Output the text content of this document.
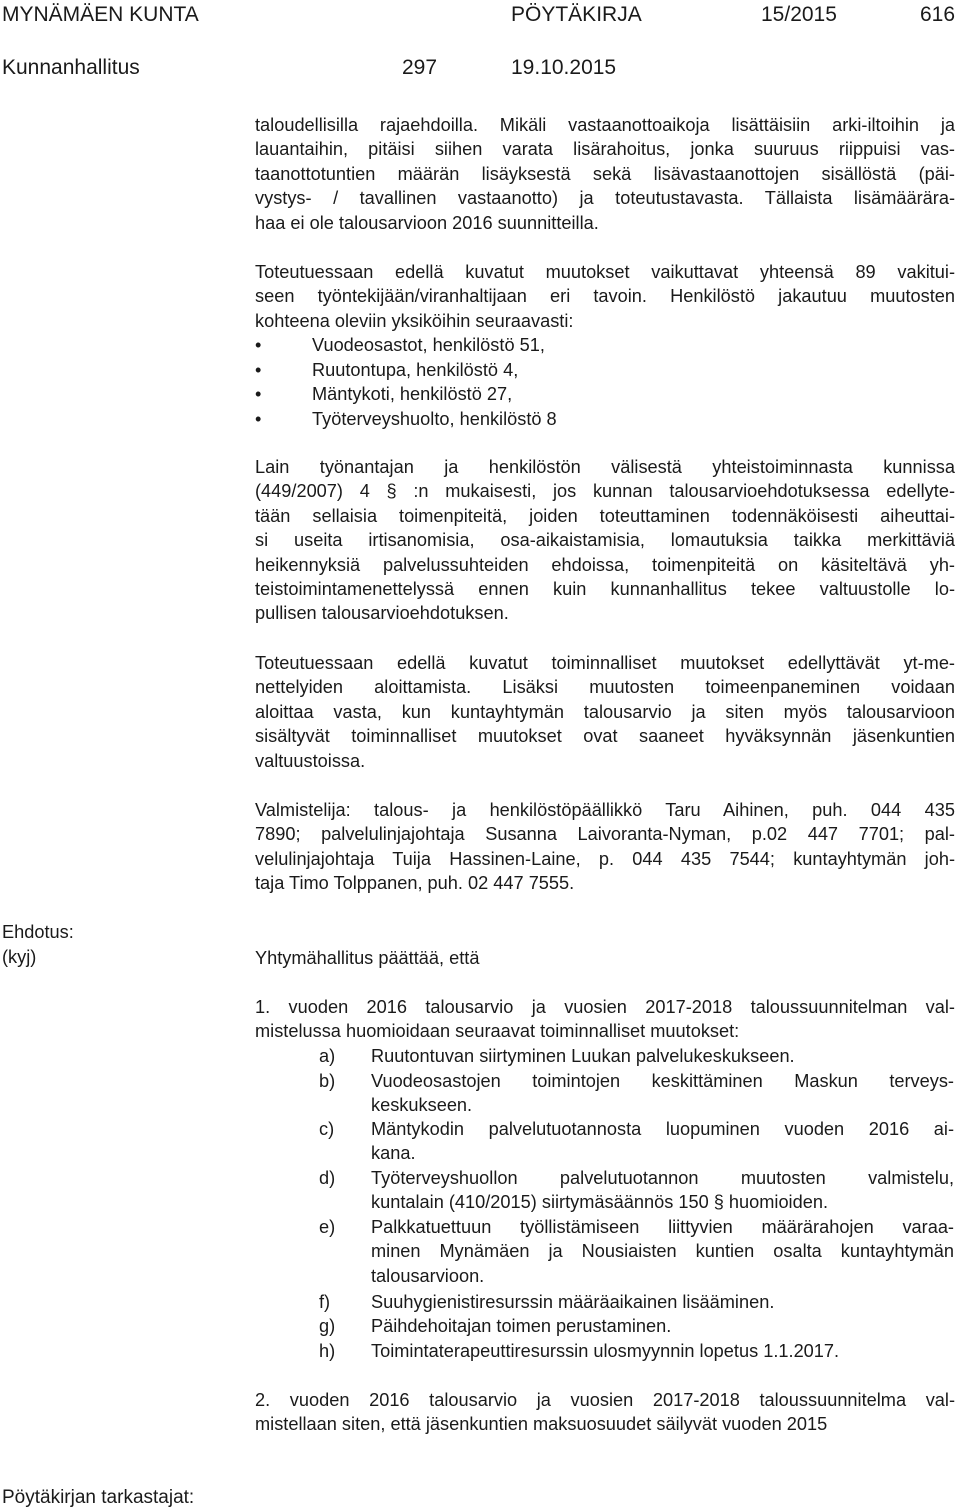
MYNÄMÄEN KUNTA	PÖYTÄKIRJA	15/2015	616
Kunnanhallitus	297	19.10.2015
taloudellisilla rajaehdoilla. Mikäli vastaanottoaikoja lisättäisiin arki-iltoihin ja
lauantaihin, pitäisi siihen varata lisärahoitus, jonka suuruus riippuisi vas-
taanottotuntien määrän lisäyksestä sekä lisävastaanottojen sisällöstä (päi-
vystys- / tavallinen vastaanotto) ja toteutustavasta. Tällaista lisämäärära-
haa ei ole talousarvioon 2016 suunnitteilla.
Toteutuessaan edellä kuvatut muutokset vaikuttavat yhteensä 89 vakitui-
seen työntekijään/viranhaltijaan eri tavoin. Henkilöstö jakautuu muutosten
kohteena oleviin yksiköihin seuraavasti:
•
Vuodeosastot, henkilöstö 51,
•
Ruutontupa, henkilöstö 4,
•
Mäntykoti, henkilöstö 27,
•
Työterveyshuolto, henkilöstö 8
Lain työnantajan ja henkilöstön välisestä yhteistoiminnasta kunnissa
(449/2007) 4 § :n mukaisesti, jos kunnan talousarvioehdotuksessa edellyte-
tään sellaisia toimenpiteitä, joiden toteuttaminen todennäköisesti aiheuttai-
si useita irtisanomisia, osa-aikaistamisia, lomautuksia taikka merkittäviä
heikennyksiä palvelussuhteiden ehdoissa, toimenpiteitä on käsiteltävä yh-
teistoimintamenettelyssä ennen kuin kunnanhallitus tekee valtuustolle lo-
pullisen talousarvioehdotuksen.
Toteutuessaan edellä kuvatut toiminnalliset muutokset edellyttävät yt-me-
nettelyiden aloittamista. Lisäksi muutosten toimeenpaneminen voidaan
aloittaa vasta, kun kuntayhtymän talousarvio ja siten myös talousarvioon
sisältyvät toiminnalliset muutokset ovat saaneet hyväksynnän jäsenkuntien
valtuustoissa.
Valmistelija: talous- ja henkilöstöpäällikkö Taru Aihinen, puh. 044 435
7890; palvelulinjajohtaja Susanna Laivoranta-Nyman, p.02 447 7701; pal-
velulinjajohtaja Tuija Hassinen-Laine, p. 044 435 7544; kuntayhtymän joh-
taja Timo Tolppanen, puh. 02 447 7555.
Ehdotus:
(kyj)	Yhtymähallitus päättää, että
1. vuoden 2016 talousarvio ja vuosien 2017-2018 taloussuunnitelman val-
mistelussa huomioidaan seuraavat toiminnalliset muutokset:
a) Ruutontuvan siirtyminen Luukan palvelukeskukseen.
b) Vuodeosastojen toimintojen keskittäminen Maskun terveys-
keskukseen.
c) Mäntykodin palvelutuotannosta luopuminen vuoden 2016 ai-
kana.
d) Työterveyshuollon palvelutuotannon muutosten valmistelu,
kuntalain (410/2015) siirtymäsäännös 150 § huomioiden.
e) Palkkatuettuun työllistämiseen liittyvien määrärahojen varaa-
minen Mynämäen ja Nousiaisten kuntien osalta kuntayhtymän
talousarvioon.
f) Suuhygienistiresurssin määräaikainen lisääminen.
g) Päihdehoitajan toimen perustaminen.
h) Toimintaterapeuttiresurssin ulosmyynnin lopetus 1.1.2017.
2. vuoden 2016 talousarvio ja vuosien 2017-2018 taloussuunnitelma val-
mistellaan siten, että jäsenkuntien maksuosuudet säilyvät vuoden 2015
Pöytäkirjan tarkastajat:
